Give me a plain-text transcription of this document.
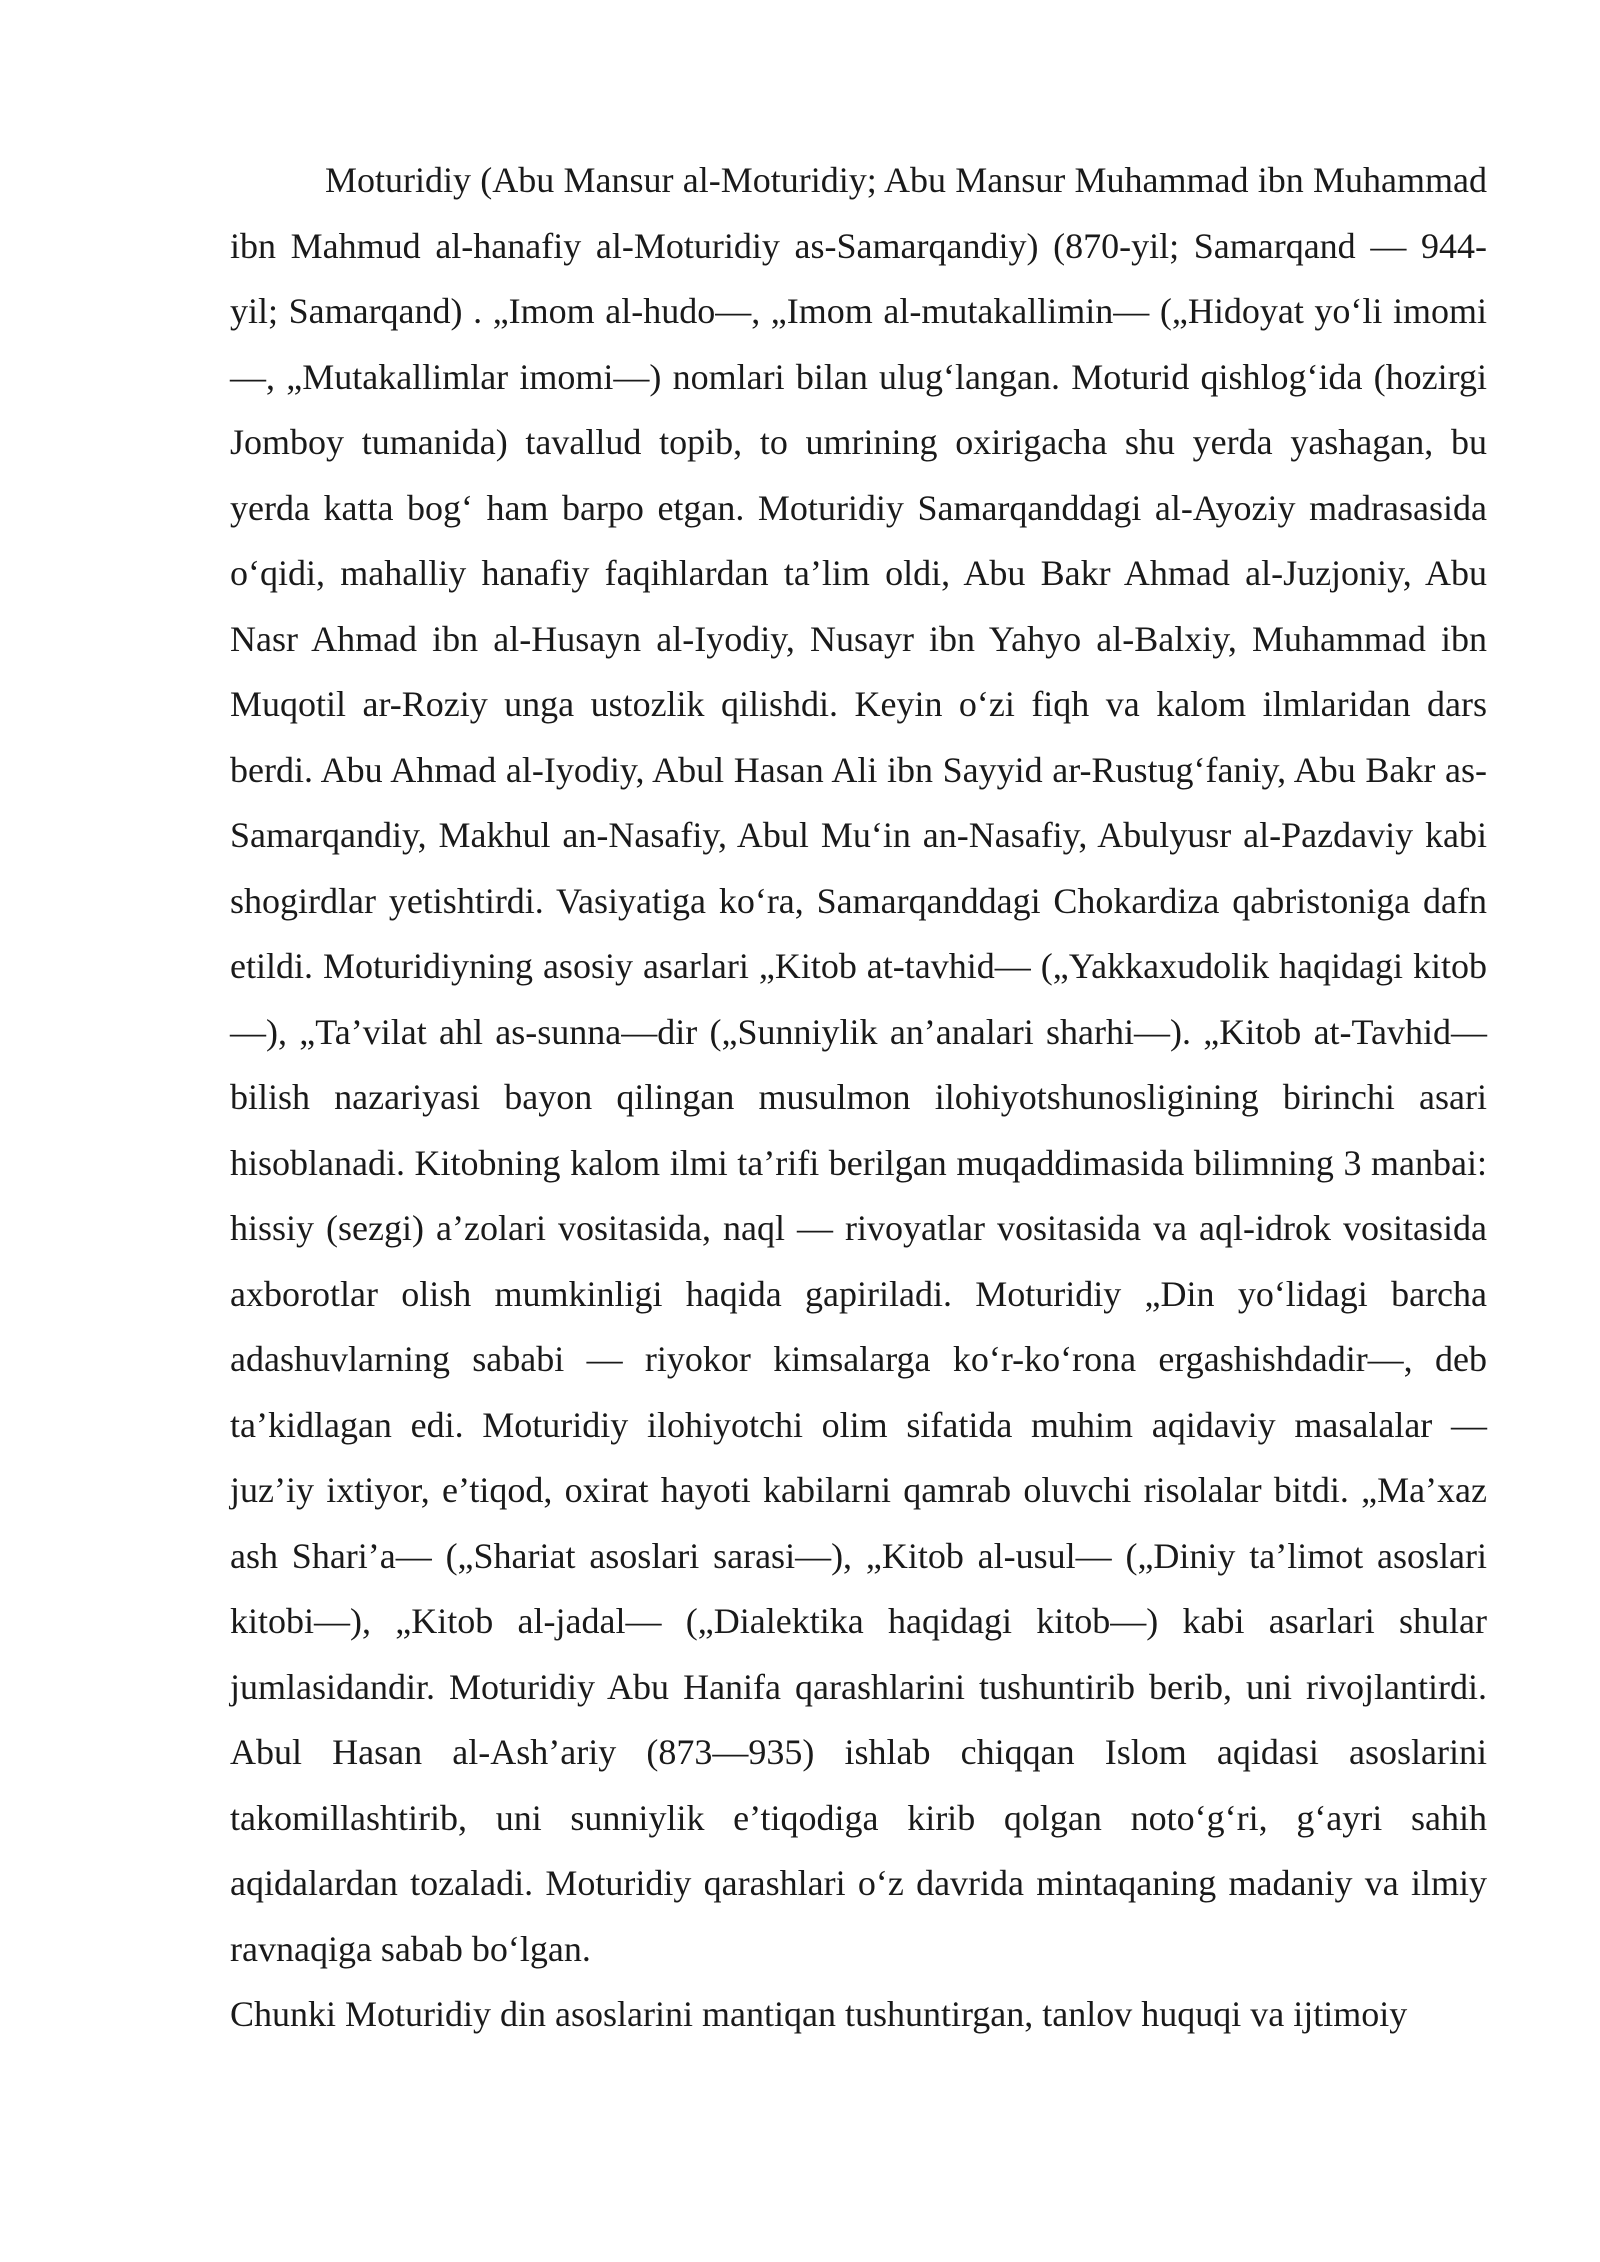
Moturidiy (Abu Mansur al-Moturidiy; Abu Mansur Muhammad ibn Muhammad ibn Mahmud al-hanafiy al-Moturidiy as-Samarqandiy) (870-yil; Samarqand — 944-yil; Samarqand) . „Imom al-hudo—, „Imom al-mutakallimin— („Hidoyat yo‘li imomi—, „Mutakallimlar imomi—) nomlari bilan ulug‘langan. Moturid qishlog‘ida (hozirgi Jomboy tumanida) tavallud topib, to umrining oxirigacha shu yerda yashagan, bu yerda katta bog‘ ham barpo etgan. Moturidiy Samarqanddagi al-Ayoziy madrasasida o‘qidi, mahalliy hanafiy faqihlardan ta’lim oldi, Abu Bakr Ahmad al-Juzjoniy, Abu Nasr Ahmad ibn al-Husayn al-Iyodiy, Nusayr ibn Yahyo al-Balxiy, Muhammad ibn Muqotil ar-Roziy unga ustozlik qilishdi. Keyin o‘zi fiqh va kalom ilmlaridan dars berdi. Abu Ahmad al-Iyodiy, Abul Hasan Ali ibn Sayyid ar-Rustug‘faniy, Abu Bakr as-Samarqandiy, Makhul an-Nasafiy, Abul Mu‘in an-Nasafiy, Abulyusr al-Pazdaviy kabi shogirdlar yetishtirdi. Vasiyatiga ko‘ra, Samarqanddagi Chokardiza qabristoniga dafn etildi. Moturidiyning asosiy asarlari „Kitob at-tavhid— („Yakkaxudolik haqidagi kitob—), „Ta’vilat ahl as-sunna—dir („Sunniylik an’analari sharhi—). „Kitob at-Tavhid— bilish nazariyasi bayon qilingan musulmon ilohiyotshunosligining birinchi asari hisoblanadi. Kitobning kalom ilmi ta’rifi berilgan muqaddimasida bilimning 3 manbai: hissiy (sezgi) a’zolari vositasida, naql — rivoyatlar vositasida va aql-idrok vositasida axborotlar olish mumkinligi haqida gapiriladi. Moturidiy „Din yo‘lidagi barcha adashuvlarning sababi — riyokor kimsalarga ko‘r-ko‘rona ergashishdadir—, deb ta’kidlagan edi. Moturidiy ilohiyotchi olim sifatida muhim aqidaviy masalalar — juz’iy ixtiyor, e’tiqod, oxirat hayoti kabilarni qamrab oluvchi risolalar bitdi. „Ma’xaz ash Shari’a— („Shariat asoslari sarasi—), „Kitob al-usul— („Diniy ta’limot asoslari kitobi—), „Kitob al-jadal— („Dialektika haqidagi kitob—) kabi asarlari shular jumlasidandir. Moturidiy Abu Hanifa qarashlarini tushuntirib berib, uni rivojlantirdi. Abul Hasan al-Ash’ariy (873—935) ishlab chiqqan Islom aqidasi asoslarini takomillashtirib, uni sunniylik e’tiqodiga kirib qolgan noto‘g‘ri, g‘ayri sahih aqidalardan tozaladi. Moturidiy qarashlari o‘z davrida mintaqaning madaniy va ilmiy ravnaqiga sabab bo‘lgan.

Chunki Moturidiy din asoslarini mantiqan tushuntirgan, tanlov huquqi va ijtimoiy
